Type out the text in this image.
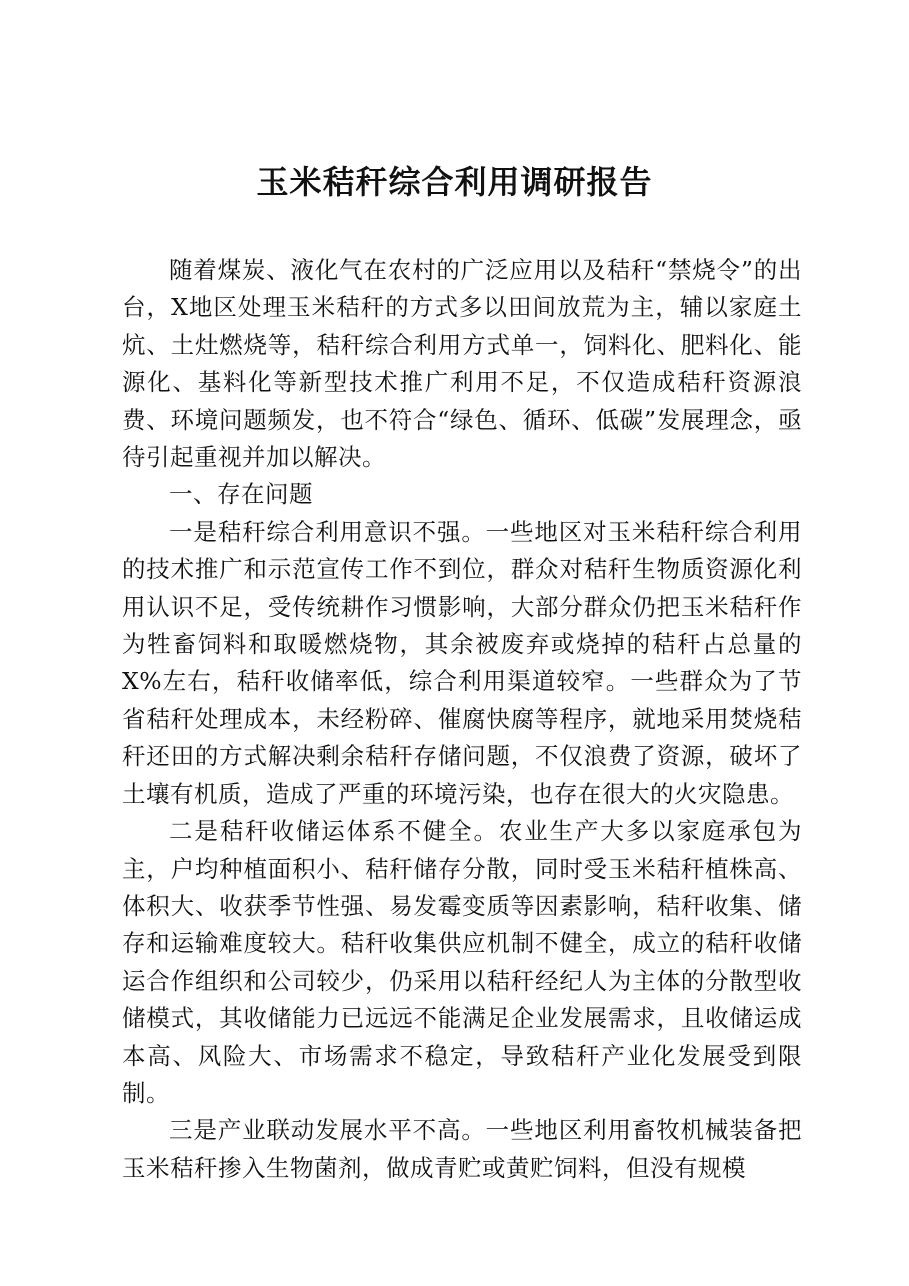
玉米秸秆综合利用调研报告

随着煤炭、液化气在农村的广泛应用以及秸秆“禁烧令”的出台，X地区处理玉米秸秆的方式多以田间放荒为主，辅以家庭土炕、土灶燃烧等，秸秆综合利用方式单一，饲料化、肥料化、能源化、基料化等新型技术推广利用不足，不仅造成秸秆资源浪费、环境问题频发，也不符合“绿色、循环、低碳”发展理念，亟待引起重视并加以解决。

一、存在问题

一是秸秆综合利用意识不强。一些地区对玉米秸秆综合利用的技术推广和示范宣传工作不到位，群众对秸秆生物质资源化利用认识不足，受传统耕作习惯影响，大部分群众仍把玉米秸秆作为牲畜饲料和取暖燃烧物，其余被废弃或烧掉的秸秆占总量的X%左右，秸秆收储率低，综合利用渠道较窄。一些群众为了节省秸秆处理成本，未经粉碎、催腐快腐等程序，就地采用焚烧秸秆还田的方式解决剩余秸秆存储问题，不仅浪费了资源，破坏了土壤有机质，造成了严重的环境污染，也存在很大的火灾隐患。

二是秸秆收储运体系不健全。农业生产大多以家庭承包为主，户均种植面积小、秸秆储存分散，同时受玉米秸秆植株高、体积大、收获季节性强、易发霉变质等因素影响，秸秆收集、储存和运输难度较大。秸秆收集供应机制不健全，成立的秸秆收储运合作组织和公司较少，仍采用以秸秆经纪人为主体的分散型收储模式，其收储能力已远远不能满足企业发展需求，且收储运成本高、风险大、市场需求不稳定，导致秸秆产业化发展受到限制。

三是产业联动发展水平不高。一些地区利用畜牧机械装备把玉米秸秆掺入生物菌剂，做成青贮或黄贮饲料，但没有规模
